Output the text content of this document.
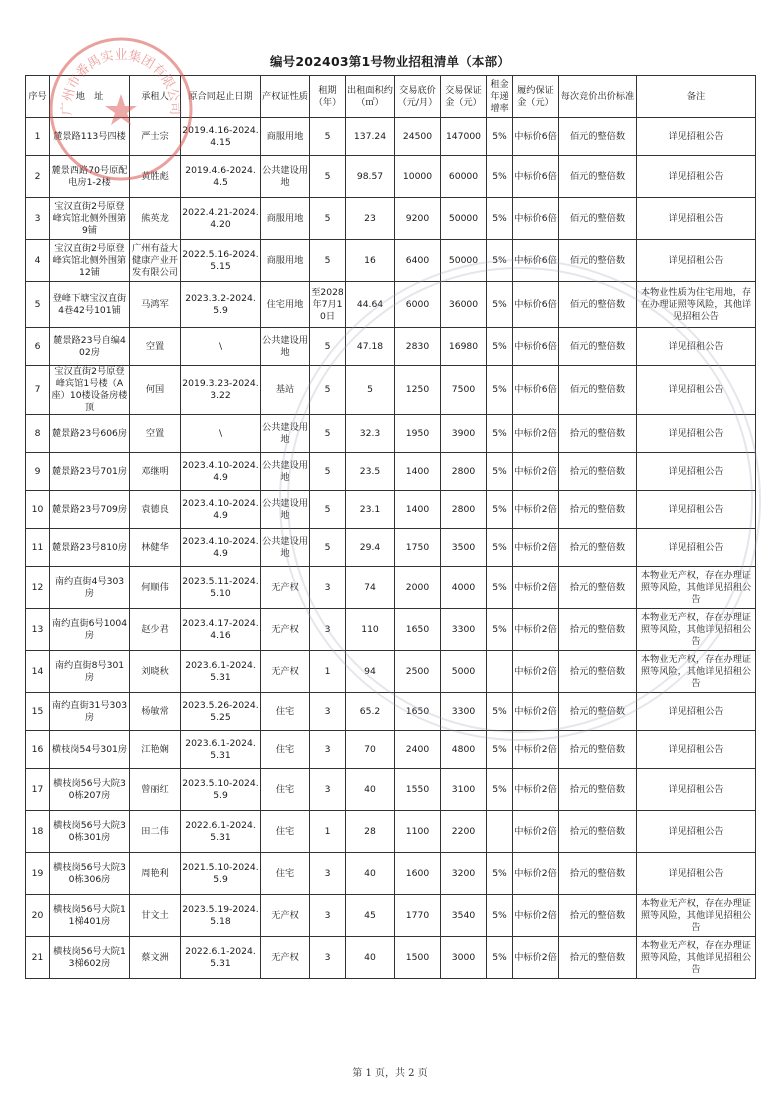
编号202403第1号物业招租清单（本部）
序号	地　址	承租人	原合同起止日期	产权证性质	租期（年）	出租面积约（㎡）	交易底价（元/月）	交易保证金（元）	租金年递增率	履约保证金（元）	每次竞价出价标准	备注
1	麓景路113号四楼	严士宗	2019.4.16-2024.4.15	商服用地	5	137.24	24500	147000	5%	中标价6倍	佰元的整倍数	详见招租公告
2	麓景西路70号原配电房1-2楼	黄胜彪	2019.4.6-2024.4.5	公共建设用地	5	98.57	10000	60000	5%	中标价6倍	佰元的整倍数	详见招租公告
3	宝汉直街2号原登峰宾馆北侧外围第9铺	熊英龙	2022.4.21-2024.4.20	商服用地	5	23	9200	50000	5%	中标价6倍	佰元的整倍数	详见招租公告
4	宝汉直街2号原登峰宾馆北侧外围第12铺	广州有益大健康产业开发有限公司	2022.5.16-2024.5.15	商服用地	5	16	6400	50000	5%	中标价6倍	佰元的整倍数	详见招租公告
5	登峰下塘宝汉直街4巷42号101铺	马鸿军	2023.3.2-2024.5.9	住宅用地	至2028年7月10日	44.64	6000	36000	5%	中标价6倍	佰元的整倍数	本物业性质为住宅用地，存在办理证照等风险，其他详见招租公告
6	麓景路23号自编402房	空置	\	公共建设用地	5	47.18	2830	16980	5%	中标价6倍	佰元的整倍数	详见招租公告
7	宝汉直街2号原登峰宾馆1号楼（A座）10楼设备房楼顶	何国	2019.3.23-2024.3.22	基站	5	5	1250	7500	5%	中标价6倍	佰元的整倍数	详见招租公告
8	麓景路23号606房	空置	\	公共建设用地	5	32.3	1950	3900	5%	中标价2倍	拾元的整倍数	详见招租公告
9	麓景路23号701房	邓继明	2023.4.10-2024.4.9	公共建设用地	5	23.5	1400	2800	5%	中标价2倍	拾元的整倍数	详见招租公告
10	麓景路23号709房	袁德良	2023.4.10-2024.4.9	公共建设用地	5	23.1	1400	2800	5%	中标价2倍	拾元的整倍数	详见招租公告
11	麓景路23号810房	林健华	2023.4.10-2024.4.9	公共建设用地	5	29.4	1750	3500	5%	中标价2倍	拾元的整倍数	详见招租公告
12	南约直街4号303房	何顺伟	2023.5.11-2024.5.10	无产权	3	74	2000	4000	5%	中标价2倍	拾元的整倍数	本物业无产权，存在办理证照等风险，其他详见招租公告
13	南约直街6号1004房	赵少君	2023.4.17-2024.4.16	无产权	3	110	1650	3300	5%	中标价2倍	拾元的整倍数	本物业无产权，存在办理证照等风险，其他详见招租公告
14	南约直街8号301房	刘晓秋	2023.6.1-2024.5.31	无产权	1	94	2500	5000		中标价2倍	拾元的整倍数	本物业无产权，存在办理证照等风险，其他详见招租公告
15	南约直街31号303房	杨敏常	2023.5.26-2024.5.25	住宅	3	65.2	1650	3300	5%	中标价2倍	拾元的整倍数	详见招租公告
16	横枝岗54号301房	江艳娴	2023.6.1-2024.5.31	住宅	3	70	2400	4800	5%	中标价2倍	拾元的整倍数	详见招租公告
17	横枝岗56号大院30栋207房	曾丽红	2023.5.10-2024.5.9	住宅	3	40	1550	3100	5%	中标价2倍	拾元的整倍数	详见招租公告
18	横枝岗56号大院30栋301房	田二伟	2022.6.1-2024.5.31	住宅	1	28	1100	2200		中标价2倍	拾元的整倍数	详见招租公告
19	横枝岗56号大院30栋306房	周艳利	2021.5.10-2024.5.9	住宅	3	40	1600	3200	5%	中标价2倍	拾元的整倍数	详见招租公告
20	横枝岗56号大院11梯401房	甘文土	2023.5.19-2024.5.18	无产权	3	45	1770	3540	5%	中标价2倍	拾元的整倍数	本物业无产权，存在办理证照等风险，其他详见招租公告
21	横枝岗56号大院13梯602房	蔡文洲	2022.6.1-2024.5.31	无产权	3	40	1500	3000	5%	中标价2倍	拾元的整倍数	本物业无产权，存在办理证照等风险，其他详见招租公告
广州市番禺实业集团有限公司
第 1 页，共 2 页
